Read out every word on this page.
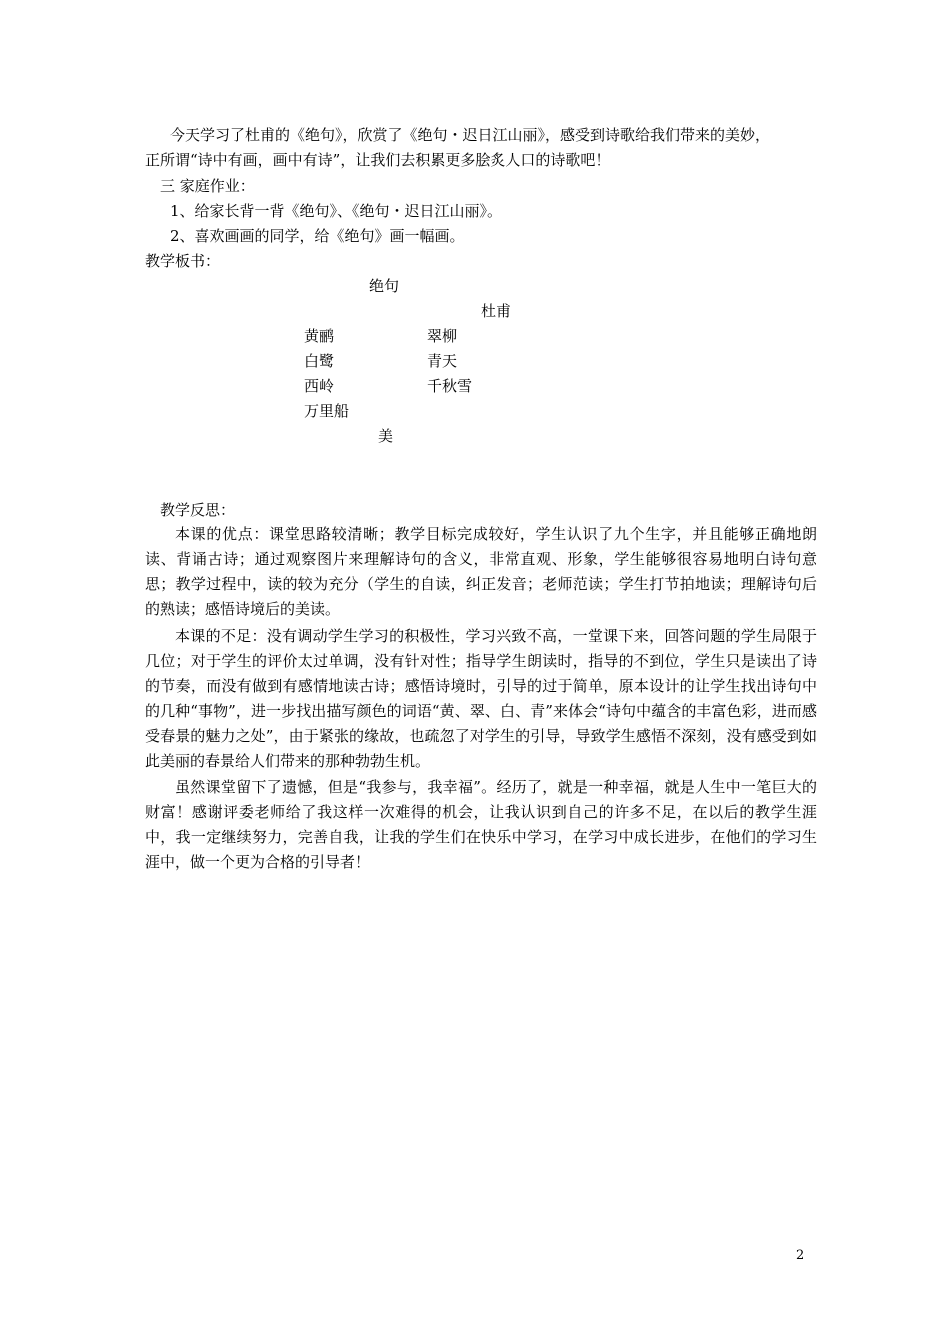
今天学习了杜甫的《绝句》，欣赏了《绝句・迟日江山丽》，感受到诗歌给我们带来的美妙，
正所谓“诗中有画，画中有诗”，让我们去积累更多脍炙人口的诗歌吧！
三 家庭作业：
1、给家长背一背《绝句》、《绝句・迟日江山丽》。
2、喜欢画画的同学，给《绝句》画一幅画。
教学板书：
绝句
杜甫
黄鹂	翠柳
白鹭	青天
西岭	千秋雪
万里船
美
教学反思：
本课的优点：课堂思路较清晰；教学目标完成较好，学生认识了九个生字，并且能够正确地朗读、背诵古诗；通过观察图片来理解诗句的含义，非常直观、形象，学生能够很容易地明白诗句意思；教学过程中，读的较为充分（学生的自读，纠正发音；老师范读；学生打节拍地读；理解诗句后的熟读；感悟诗境后的美读。
本课的不足：没有调动学生学习的积极性，学习兴致不高，一堂课下来，回答问题的学生局限于几位；对于学生的评价太过单调，没有针对性；指导学生朗读时，指导的不到位，学生只是读出了诗的节奏，而没有做到有感情地读古诗；感悟诗境时，引导的过于简单，原本设计的让学生找出诗句中的几种“事物”，进一步找出描写颜色的词语“黄、翠、白、青”来体会“诗句中蕴含的丰富色彩，进而感受春景的魅力之处”，由于紧张的缘故，也疏忽了对学生的引导，导致学生感悟不深刻，没有感受到如此美丽的春景给人们带来的那种勃勃生机。
虽然课堂留下了遗憾，但是“我参与，我幸福”。经历了，就是一种幸福，就是人生中一笔巨大的财富！感谢评委老师给了我这样一次难得的机会，让我认识到自己的许多不足，在以后的教学生涯中，我一定继续努力，完善自我，让我的学生们在快乐中学习，在学习中成长进步，在他们的学习生涯中，做一个更为合格的引导者！
2
